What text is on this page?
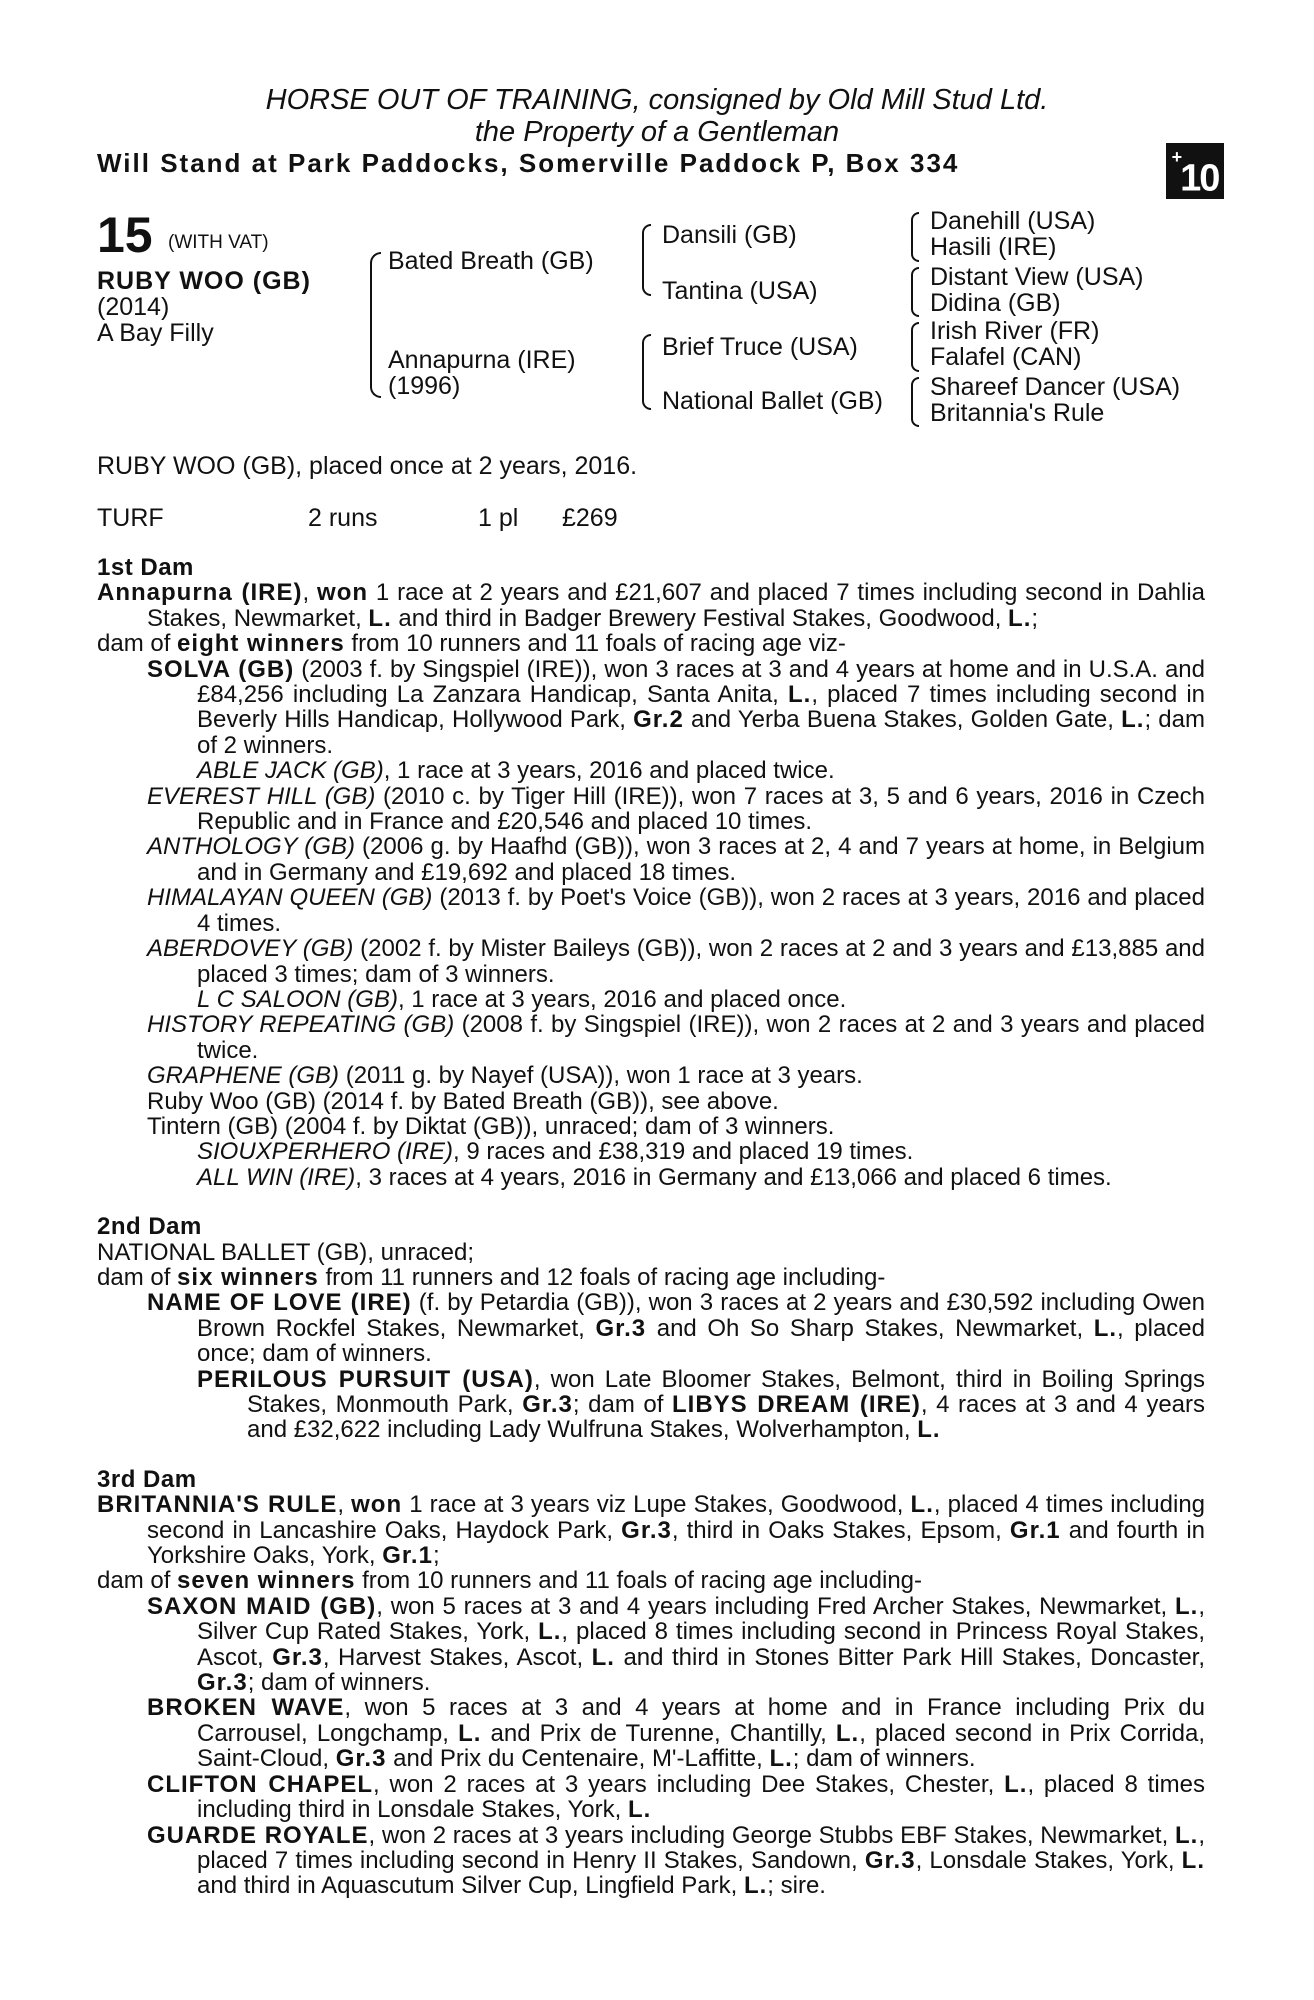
HORSE OUT OF TRAINING, consigned by Old Mill Stud Ltd.
the Property of a Gentleman
Will Stand at Park Paddocks, Somerville Paddock P, Box 334	+10
15 (WITH VAT)
RUBY WOO (GB)
(2014)
A Bay Filly
Bated Breath (GB)
Annapurna (IRE)
(1996)
Dansili (GB)
Tantina (USA)
Brief Truce (USA)
National Ballet (GB)
Danehill (USA)
Hasili (IRE)
Distant View (USA)
Didina (GB)
Irish River (FR)
Falafel (CAN)
Shareef Dancer (USA)
Britannia's Rule
RUBY WOO (GB), placed once at 2 years, 2016.
TURF	2 runs	1 pl £269

1st Dam

Annapurna (IRE), won 1 race at 2 years and £21,607 and placed 7 times including second in Dahlia Stakes, Newmarket, L. and third in Badger Brewery Festival Stakes, Goodwood, L.;

dam of eight winners from 10 runners and 11 foals of racing age viz-

SOLVA (GB) (2003 f. by Singspiel (IRE)), won 3 races at 3 and 4 years at home and in U.S.A. and £84,256 including La Zanzara Handicap, Santa Anita, L., placed 7 times including second in Beverly Hills Handicap, Hollywood Park, Gr.2 and Yerba Buena Stakes, Golden Gate, L.; dam of 2 winners.

ABLE JACK (GB), 1 race at 3 years, 2016 and placed twice.

EVEREST HILL (GB) (2010 c. by Tiger Hill (IRE)), won 7 races at 3, 5 and 6 years, 2016 in Czech Republic and in France and £20,546 and placed 10 times.

ANTHOLOGY (GB) (2006 g. by Haafhd (GB)), won 3 races at 2, 4 and 7 years at home, in Belgium and in Germany and £19,692 and placed 18 times.

HIMALAYAN QUEEN (GB) (2013 f. by Poet's Voice (GB)), won 2 races at 3 years, 2016 and placed 4 times.

ABERDOVEY (GB) (2002 f. by Mister Baileys (GB)), won 2 races at 2 and 3 years and £13,885 and placed 3 times; dam of 3 winners.

L C SALOON (GB), 1 race at 3 years, 2016 and placed once.

HISTORY REPEATING (GB) (2008 f. by Singspiel (IRE)), won 2 races at 2 and 3 years and placed twice.

GRAPHENE (GB) (2011 g. by Nayef (USA)), won 1 race at 3 years.

Ruby Woo (GB) (2014 f. by Bated Breath (GB)), see above.

Tintern (GB) (2004 f. by Diktat (GB)), unraced; dam of 3 winners.

SIOUXPERHERO (IRE), 9 races and £38,319 and placed 19 times.

ALL WIN (IRE), 3 races at 4 years, 2016 in Germany and £13,066 and placed 6 times.

2nd Dam

NATIONAL BALLET (GB), unraced;

dam of six winners from 11 runners and 12 foals of racing age including-

NAME OF LOVE (IRE) (f. by Petardia (GB)), won 3 races at 2 years and £30,592 including Owen Brown Rockfel Stakes, Newmarket, Gr.3 and Oh So Sharp Stakes, Newmarket, L., placed once; dam of winners.

PERILOUS PURSUIT (USA), won Late Bloomer Stakes, Belmont, third in Boiling Springs Stakes, Monmouth Park, Gr.3; dam of LIBYS DREAM (IRE), 4 races at 3 and 4 years and £32,622 including Lady Wulfruna Stakes, Wolverhampton, L.

3rd Dam

BRITANNIA'S RULE, won 1 race at 3 years viz Lupe Stakes, Goodwood, L., placed 4 times including second in Lancashire Oaks, Haydock Park, Gr.3, third in Oaks Stakes, Epsom, Gr.1 and fourth in Yorkshire Oaks, York, Gr.1;

dam of seven winners from 10 runners and 11 foals of racing age including-

SAXON MAID (GB), won 5 races at 3 and 4 years including Fred Archer Stakes, Newmarket, L., Silver Cup Rated Stakes, York, L., placed 8 times including second in Princess Royal Stakes, Ascot, Gr.3, Harvest Stakes, Ascot, L. and third in Stones Bitter Park Hill Stakes, Doncaster, Gr.3; dam of winners.

BROKEN WAVE, won 5 races at 3 and 4 years at home and in France including Prix du Carrousel, Longchamp, L. and Prix de Turenne, Chantilly, L., placed second in Prix Corrida, Saint-Cloud, Gr.3 and Prix du Centenaire, M'-Laffitte, L.; dam of winners.

CLIFTON CHAPEL, won 2 races at 3 years including Dee Stakes, Chester, L., placed 8 times including third in Lonsdale Stakes, York, L.

GUARDE ROYALE, won 2 races at 3 years including George Stubbs EBF Stakes, Newmarket, L., placed 7 times including second in Henry II Stakes, Sandown, Gr.3, Lonsdale Stakes, York, L. and third in Aquascutum Silver Cup, Lingfield Park, L.; sire.
